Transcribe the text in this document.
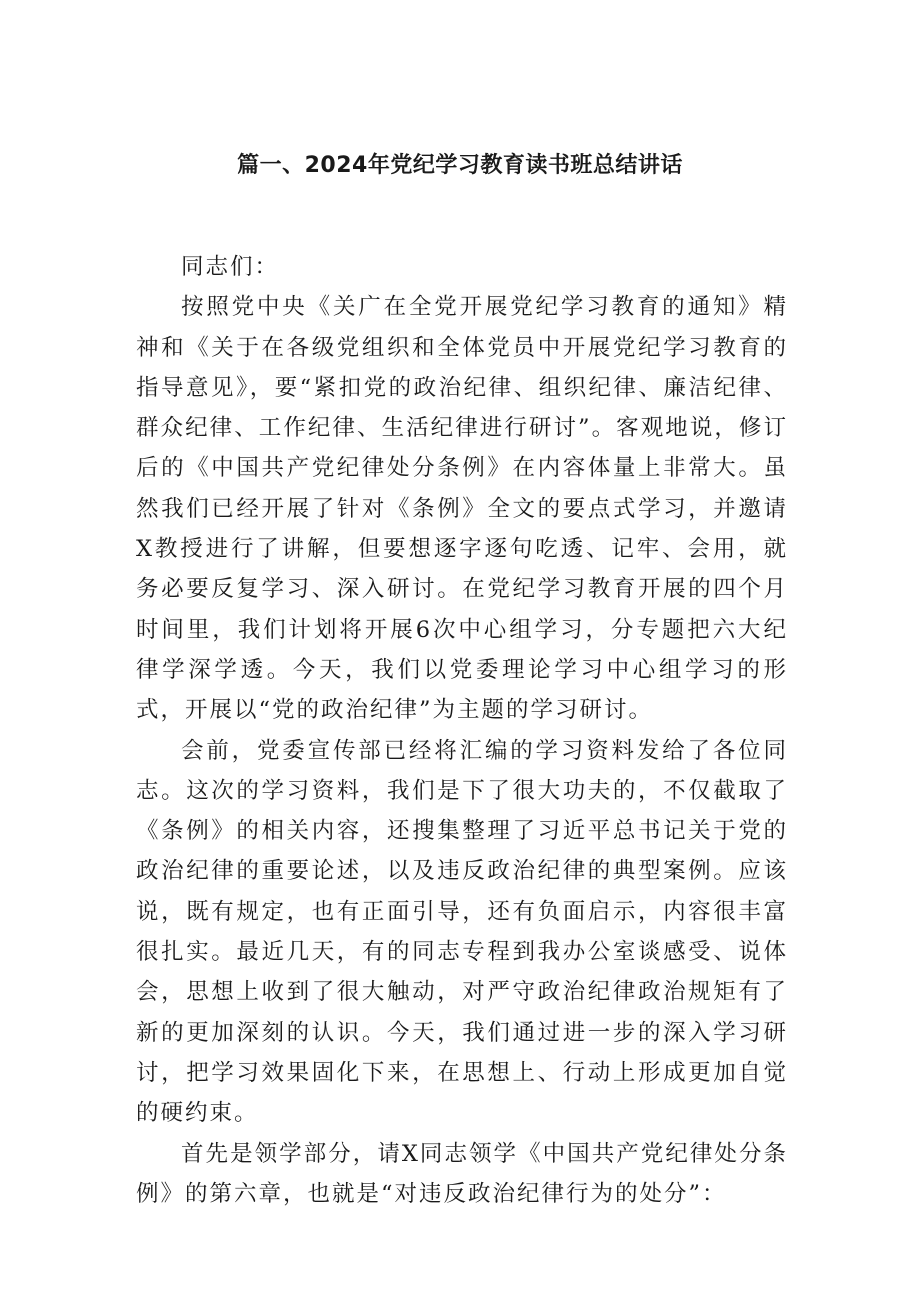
篇一、2024年党纪学习教育读书班总结讲话

同志们：

按照党中央《关广在全党开展党纪学习教育的通知》精神和《关于在各级党组织和全体党员中开展党纪学习教育的指导意见》，要“紧扣党的政治纪律、组织纪律、廉洁纪律、群众纪律、工作纪律、生活纪律进行研讨”。客观地说，修订后的《中国共产党纪律处分条例》在内容体量上非常大。虽然我们已经开展了针对《条例》全文的要点式学习，并邀请X教授进行了讲解，但要想逐字逐句吃透、记牢、会用，就务必要反复学习、深入研讨。在党纪学习教育开展的四个月时间里，我们计划将开展6次中心组学习，分专题把六大纪律学深学透。今天，我们以党委理论学习中心组学习的形式，开展以“党的政治纪律”为主题的学习研讨。

会前，党委宣传部已经将汇编的学习资料发给了各位同志。这次的学习资料，我们是下了很大功夫的，不仅截取了《条例》的相关内容，还搜集整理了习近平总书记关于党的政治纪律的重要论述，以及违反政治纪律的典型案例。应该说，既有规定，也有正面引导，还有负面启示，内容很丰富很扎实。最近几天，有的同志专程到我办公室谈感受、说体会，思想上收到了很大触动，对严守政治纪律政治规矩有了新的更加深刻的认识。今天，我们通过进一步的深入学习研讨，把学习效果固化下来，在思想上、行动上形成更加自觉的硬约束。

首先是领学部分，请X同志领学《中国共产党纪律处分条例》的第六章，也就是“对违反政治纪律行为的处分”：
